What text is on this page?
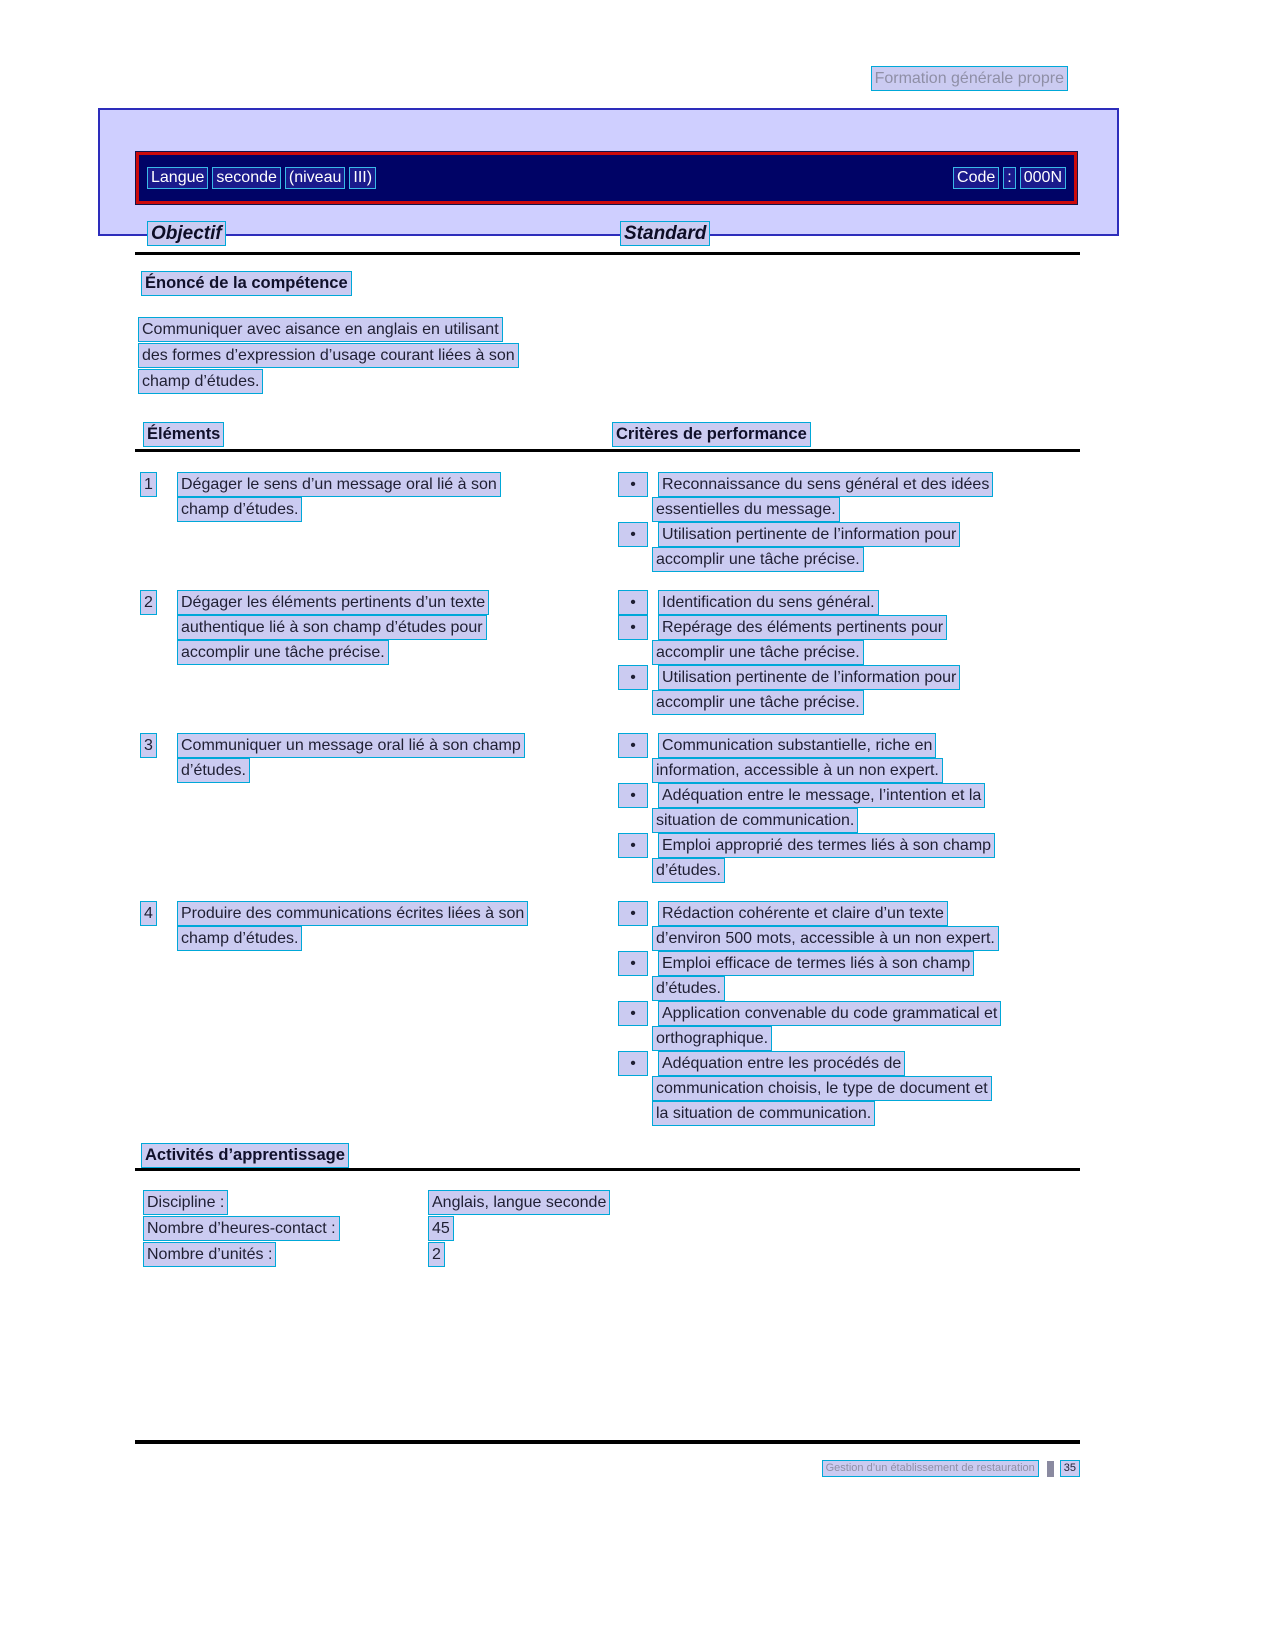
Formation générale propre
Langue seconde (niveau III)	Code : 000N
Objectif	Standard
Énoncé de la compétence
Communiquer avec aisance en anglais en utilisant
des formes d’expression d’usage courant liées à son
champ d’études.
Éléments	Critères de performance
1	Dégager le sens d’un message oral lié à son
champ d’études.
•	Reconnaissance du sens général et des idées
essentielles du message.
•	Utilisation pertinente de l’information pour
accomplir une tâche précise.
2	Dégager les éléments pertinents d’un texte
authentique lié à son champ d’études pour
accomplir une tâche précise.
•	Identification du sens général.
•	Repérage des éléments pertinents pour
accomplir une tâche précise.
•	Utilisation pertinente de l’information pour
accomplir une tâche précise.
3	Communiquer un message oral lié à son champ
d’études.
•	Communication substantielle, riche en
information, accessible à un non expert.
•	Adéquation entre le message, l’intention et la
situation de communication.
•	Emploi approprié des termes liés à son champ
d’études.
4	Produire des communications écrites liées à son
champ d’études.
•	Rédaction cohérente et claire d’un texte
d’environ 500 mots, accessible à un non expert.
•	Emploi efficace de termes liés à son champ
d’études.
•	Application convenable du code grammatical et
orthographique.
•	Adéquation entre les procédés de
communication choisis, le type de document et
la situation de communication.
Activités d’apprentissage
Discipline :	Anglais, langue seconde
Nombre d’heures-contact :	45
Nombre d’unités :	2
Gestion d’un établissement de restauration	35
